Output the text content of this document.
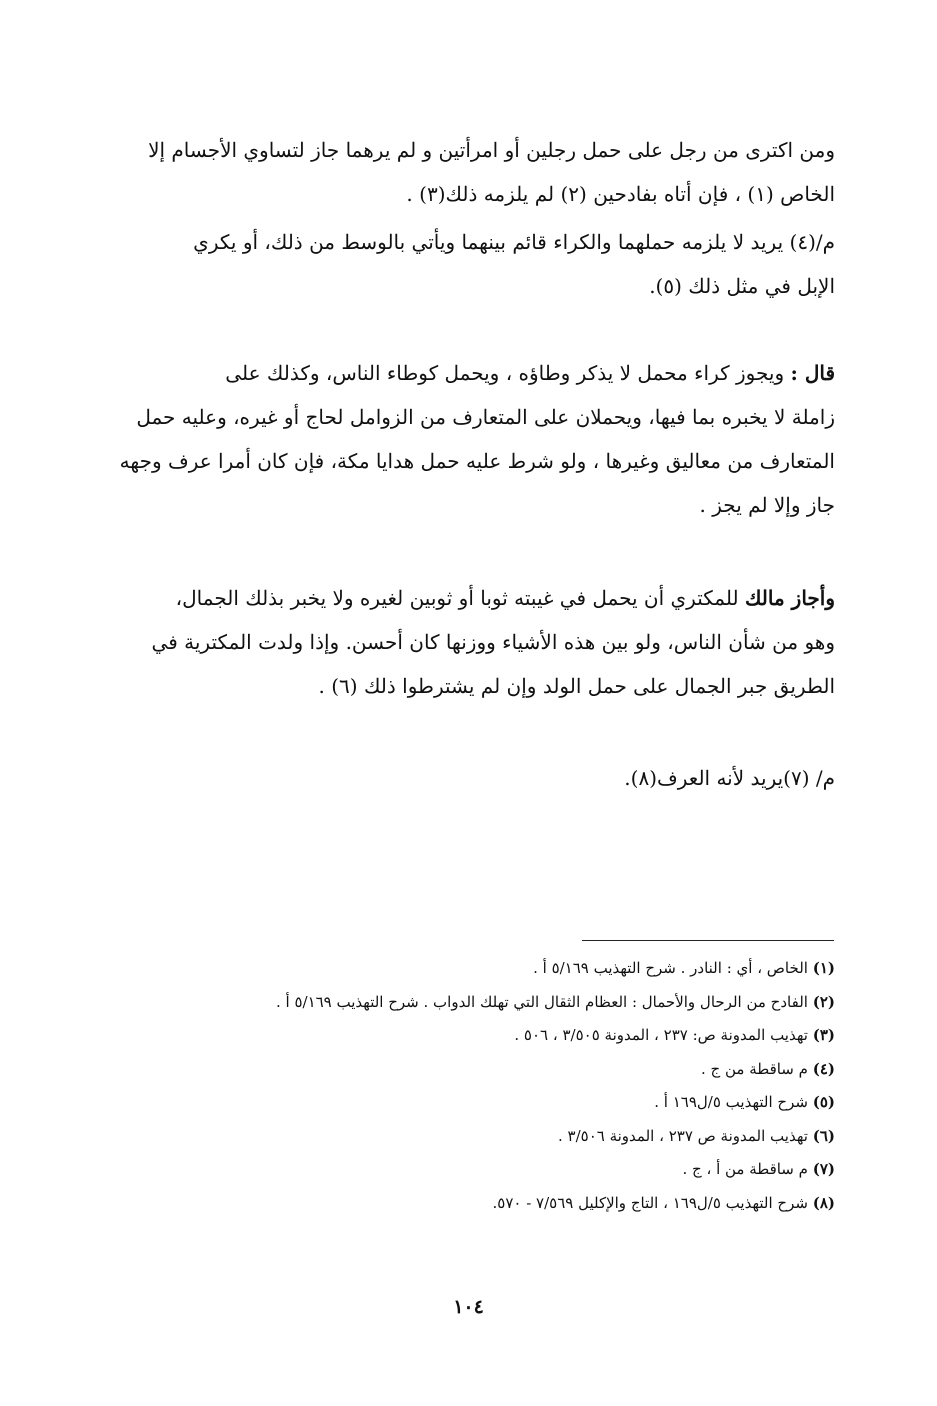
ومن اكترى من رجل على حمل رجلين أو امرأتين و لم يرهما جاز لتساوي الأجسام إلا
الخاص (١) ، فإن أتاه بفادحين (٢) لم يلزمه ذلك(٣) .
م/(٤) يريد لا يلزمه حملهما والكراء قائم بينهما ويأتي بالوسط من ذلك، أو يكري
الإبل في مثل ذلك (٥).
قال : ويجوز كراء محمل لا يذكر وطاؤه ، ويحمل كوطاء الناس، وكذلك على
زاملة لا يخبره بما فيها، ويحملان على المتعارف من الزوامل لحاج أو غيره، وعليه حمل
المتعارف من معاليق وغيرها ، ولو شرط عليه حمل هدايا مكة، فإن كان أمرا عرف وجهه
جاز وإلا لم يجز .
وأجاز مالك للمكتري أن يحمل في غيبته ثوبا أو ثوبين لغيره ولا يخبر بذلك الجمال،
وهو من شأن الناس، ولو بين هذه الأشياء ووزنها كان أحسن. وإذا ولدت المكترية في
الطريق جبر الجمال على حمل الولد وإن لم يشترطوا ذلك (٦) .
م/ (٧)يريد لأنه العرف(٨).
(١) الخاص ، أي : النادر . شرح التهذيب ٥/١٦٩ أ .
(٢) الفادح من الرحال والأحمال : العظام الثقال التي تهلك الدواب . شرح التهذيب ٥/١٦٩ أ .
(٣) تهذيب المدونة ص: ٢٣٧ ، المدونة ٣/٥٠٥ ، ٥٠٦ .
(٤) م ساقطة من ج .
(٥) شرح التهذيب ٥/ل١٦٩ أ .
(٦) تهذيب المدونة ص ٢٣٧ ، المدونة ٣/٥٠٦ .
(٧) م ساقطة من أ ، ج .
(٨) شرح التهذيب ٥/ل١٦٩ ، التاج والإكليل ٧/٥٦٩ - ٥٧٠.
١٠٤
